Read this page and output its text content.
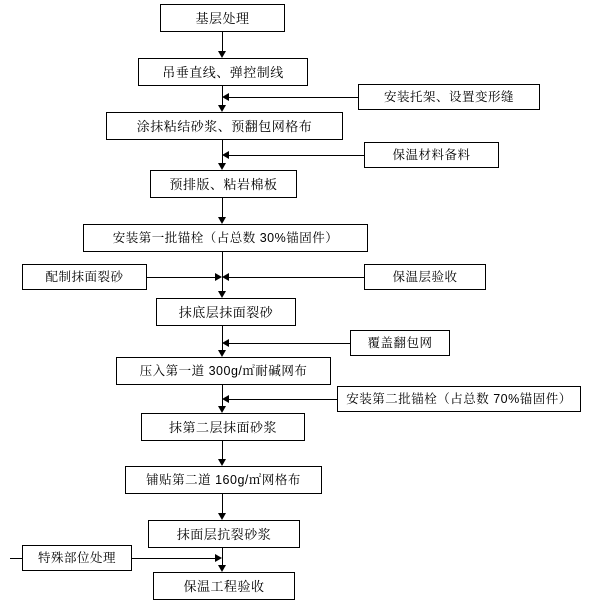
基层处理
吊垂直线、弹控制线
涂抹粘结砂浆、预翻包网格布
预排版、粘岩棉板
安装第一批锚栓（占总数 30%锚固件）
抹底层抹面裂砂
压入第一道 300g/㎡耐碱网布
抹第二层抹面砂浆
铺贴第二道 160g/㎡网格布
抹面层抗裂砂浆
保温工程验收
安装托架、设置变形缝
保温材料备料
配制抹面裂砂	保温层验收
覆盖翻包网
安装第二批锚栓（占总数 70%锚固件）
特殊部位处理
